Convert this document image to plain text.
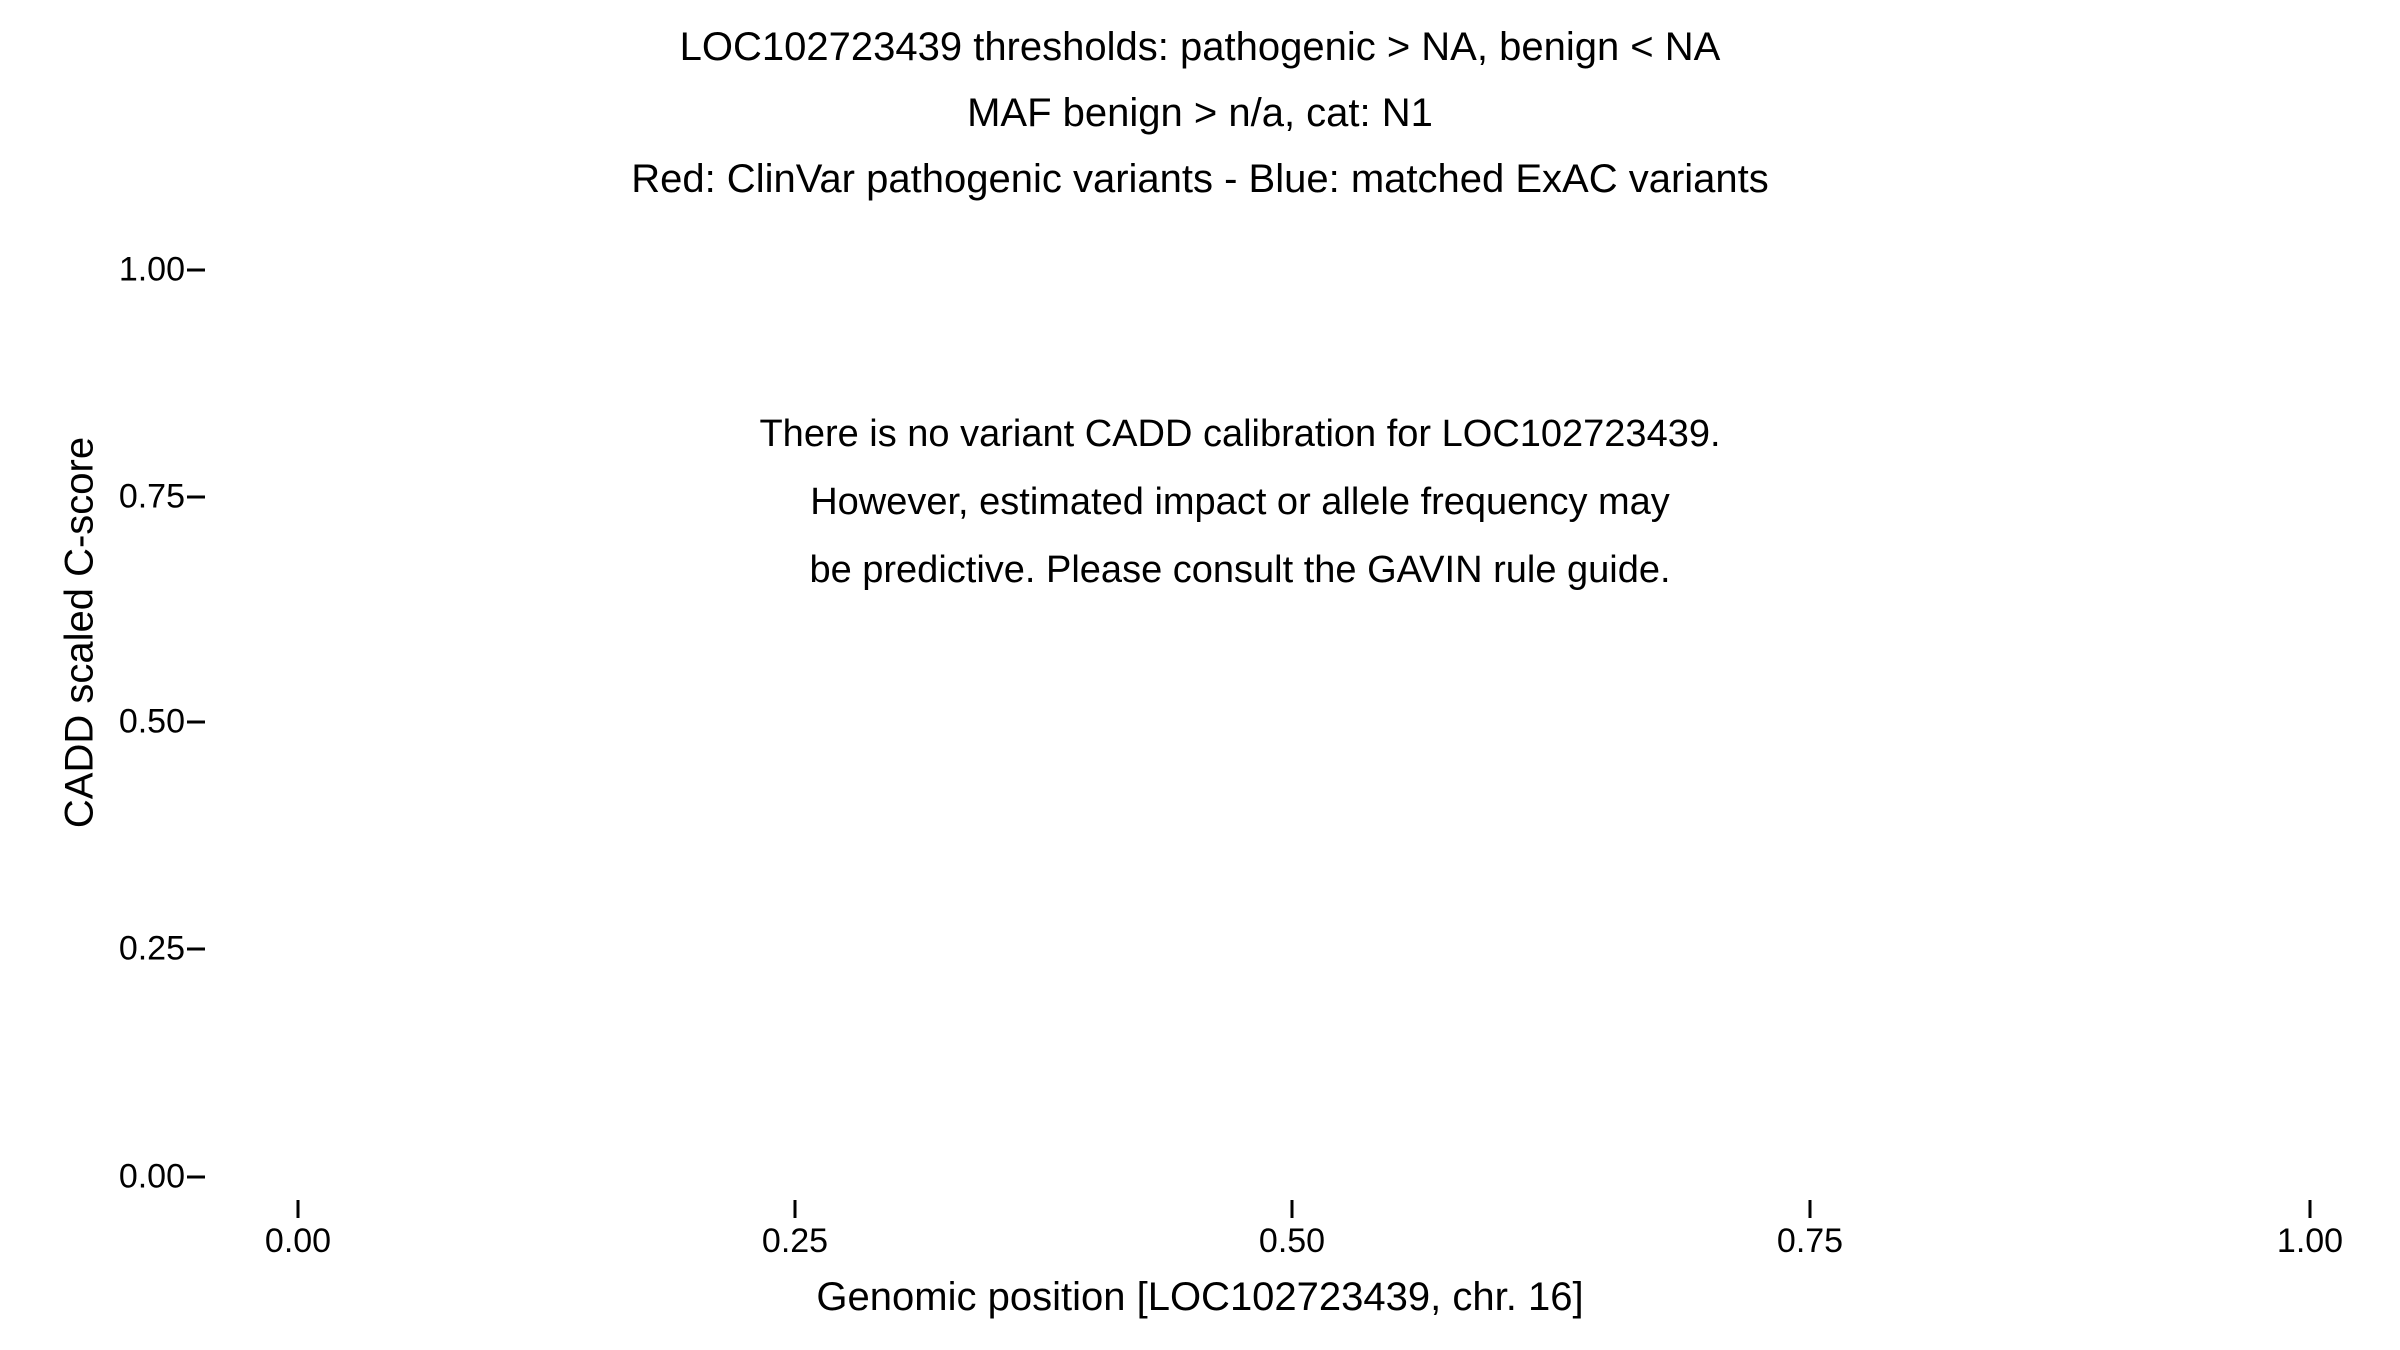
LOC102723439 thresholds: pathogenic > NA, benign < NA
MAF benign > n/a, cat: N1
Red: ClinVar pathogenic variants - Blue: matched ExAC variants
CADD scaled C-score
1.00
0.75
0.50
0.25
0.00
0.00	0.25	0.50	0.75	1.00
Genomic position [LOC102723439, chr. 16]
There is no variant CADD calibration for LOC102723439.
However, estimated impact or allele frequency may
be predictive. Please consult the GAVIN rule guide.
